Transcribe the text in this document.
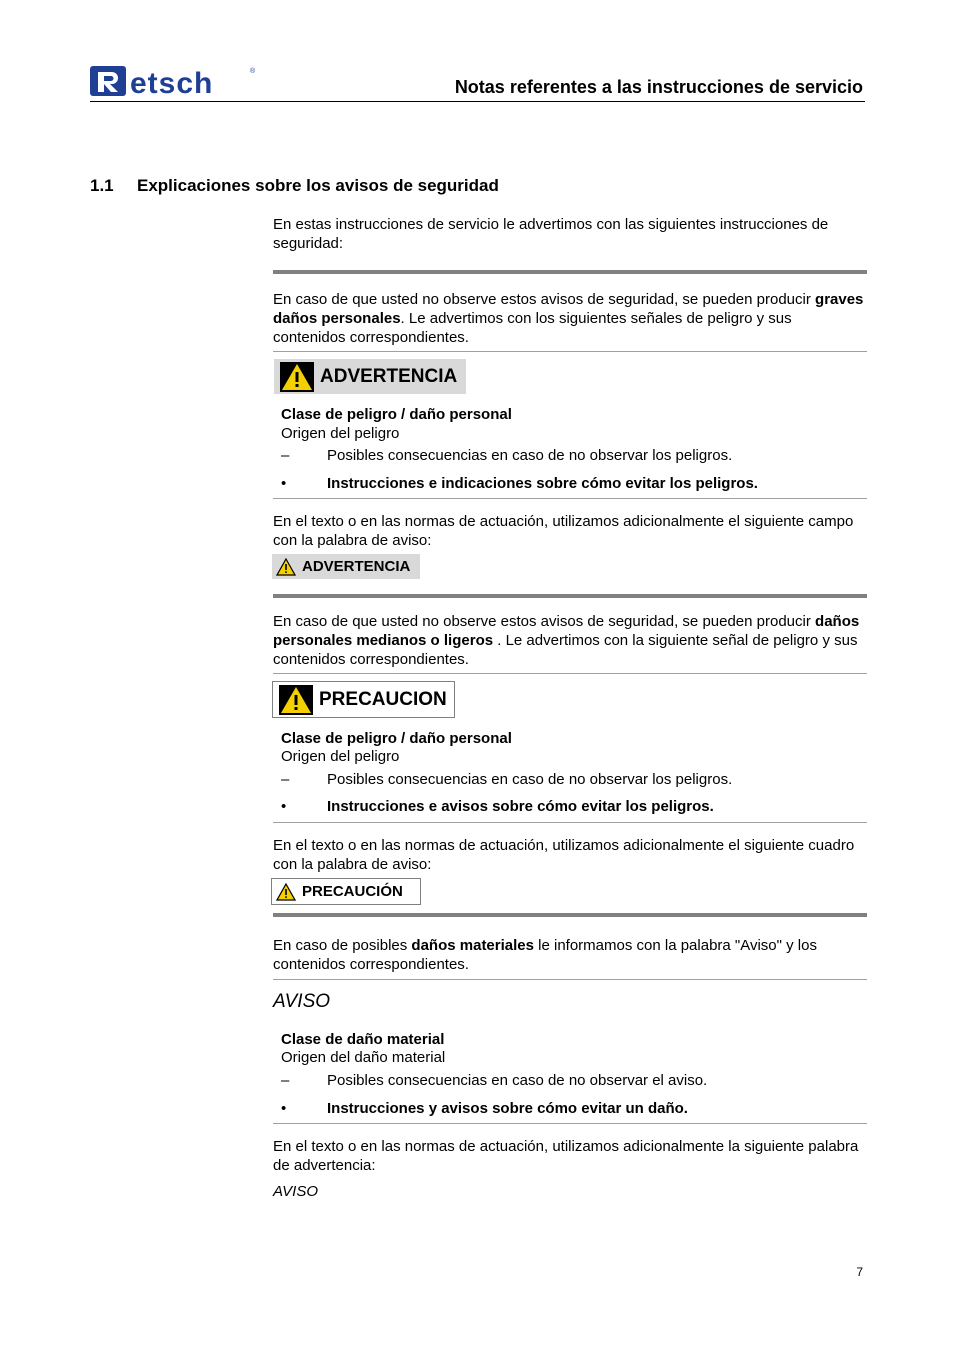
etsch	®
Notas referentes a las instrucciones de servicio
1.1 Explicaciones sobre los avisos de seguridad
En estas instrucciones de servicio le advertimos con las siguientes instrucciones de seguridad:
En caso de que usted no observe estos avisos de seguridad, se pueden producir graves daños personales. Le advertimos con los siguientes señales de peligro y sus contenidos correspondientes.
ADVERTENCIA
Clase de peligro / daño personal
Origen del peligro
–	Posibles consecuencias en caso de no observar los peligros.
•	Instrucciones e indicaciones sobre cómo evitar los peligros.
En el texto o en las normas de actuación, utilizamos adicionalmente el siguiente campo con la palabra de aviso:
ADVERTENCIA
En caso de que usted no observe estos avisos de seguridad, se pueden producir daños personales medianos o ligeros . Le advertimos con la siguiente señal de peligro y sus contenidos correspondientes.
PRECAUCION
Clase de peligro / daño personal
Origen del peligro
–	Posibles consecuencias en caso de no observar los peligros.
•	Instrucciones e avisos sobre cómo evitar los peligros.
En el texto o en las normas de actuación, utilizamos adicionalmente el siguiente cuadro con la palabra de aviso:
PRECAUCIÓN
En caso de posibles daños materiales le informamos con la palabra "Aviso" y los contenidos correspondientes.
AVISO
Clase de daño material
Origen del daño material
–	Posibles consecuencias en caso de no observar el aviso.
•	Instrucciones y avisos sobre cómo evitar un daño.
En el texto o en las normas de actuación, utilizamos adicionalmente la siguiente palabra de advertencia:
AVISO
7
